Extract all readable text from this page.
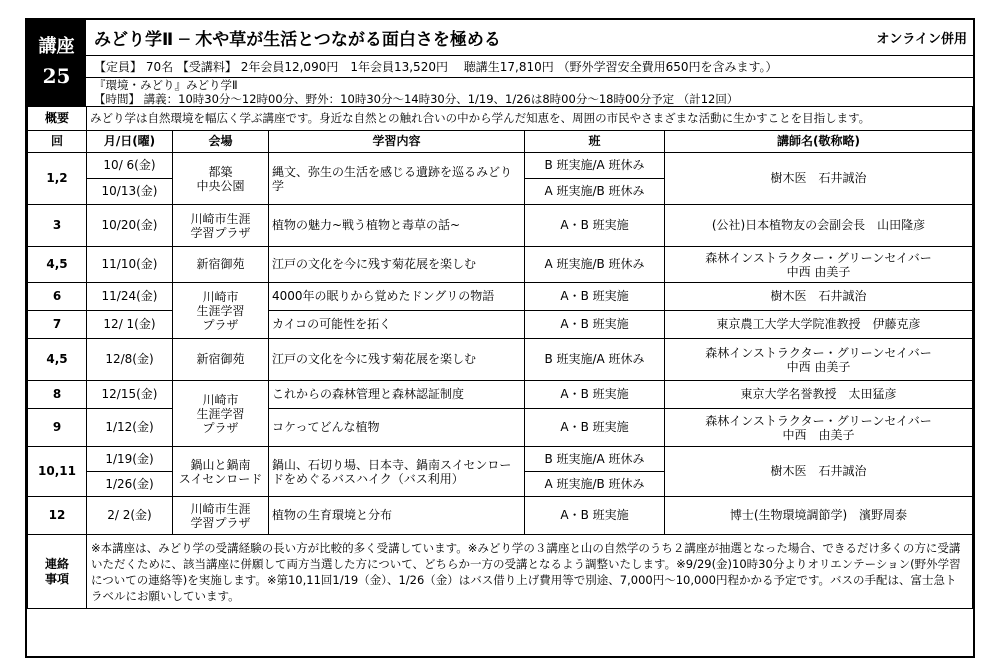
講座
25
みどり学Ⅱ ─ 木や草が生活とつながる面白さを極める	オンライン併用
【定員】 70名 【受講料】 2年会員12,090円　1年会員13,520円　 聴講生17,810円 （野外学習安全費用650円を含みます。）
『環境・みどり』みどり学Ⅱ
【時間】 講義：10時30分～12時00分、野外：10時30分～14時30分、1/19、1/26は8時00分～18時00分予定 （計12回）
概要	みどり学は自然環境を幅広く学ぶ講座です。身近な自然との触れ合いの中から学んだ知恵を、周囲の市民やさまざまな活動に生かすことを目指します。				
回	月/日(曜)	会場	学習内容	班	講師名(敬称略)
1,2	10/ 6(金)	都築
中央公園	縄文、弥生の生活を感じる遺跡を巡るみどり学	B 班実施/A 班休み	樹木医　石井誠治
	10/13(金)			A 班実施/B 班休み	
3	10/20(金)	川崎市生涯
学習プラザ	植物の魅力~戦う植物と毒草の話~	A・B 班実施	(公社)日本植物友の会副会長　山田隆彦
4,5	11/10(金)	新宿御苑	江戸の文化を今に残す菊花展を楽しむ	A 班実施/B 班休み	森林インストラクター・グリーンセイバー
中西 由美子
6	11/24(金)	川崎市
生涯学習
プラザ	4000年の眠りから覚めたドングリの物語	A・B 班実施	樹木医　石井誠治
7	12/ 1(金)		カイコの可能性を拓く	A・B 班実施	東京農工大学大学院准教授　伊藤克彦
4,5	12/8(金)	新宿御苑	江戸の文化を今に残す菊花展を楽しむ	B 班実施/A 班休み	森林インストラクター・グリーンセイバー
中西 由美子
8	12/15(金)	川崎市
生涯学習
プラザ	これからの森林管理と森林認証制度	A・B 班実施	東京大学名誉教授　太田猛彦
9	1/12(金)		コケってどんな植物	A・B 班実施	森林インストラクター・グリーンセイバー
中西　由美子
10,11	1/19(金)	鍋山と鍋南
スイセンロード	鍋山、石切り場、日本寺、鍋南スイセンロードをめぐるバスハイク（バス利用）	B 班実施/A 班休み	樹木医　石井誠治
	1/26(金)			A 班実施/B 班休み	
12	2/ 2(金)	川崎市生涯
学習プラザ	植物の生育環境と分布	A・B 班実施	博士(生物環境調節学)　濱野周泰
連絡
事項	※本講座は、みどり学の受講経験の長い方が比較的多く受講しています。※みどり学の３講座と山の自然学のうち２講座が抽選となった場合、できるだけ多くの方に受講いただくために、該当講座に併願して両方当選した方について、どちらか一方の受講となるよう調整いたします。※9/29(金)10時30分よりオリエンテーション(野外学習についての連絡等)を実施します。※第10,11回1/19（金）、1/26（金）はバス借り上げ費用等で別途、7,000円～10,000円程かかる予定です。バスの手配は、富士急トラベルにお願いしています。				
